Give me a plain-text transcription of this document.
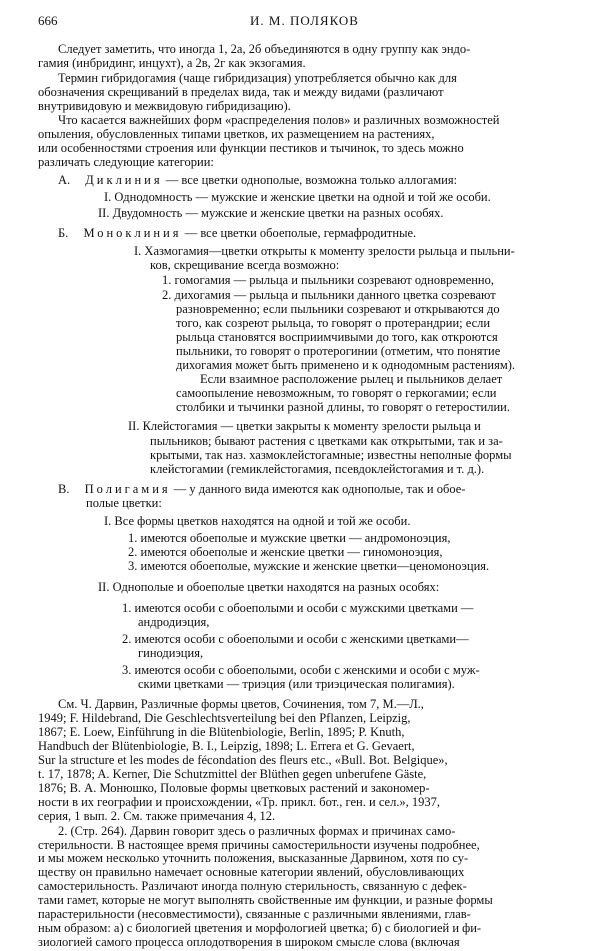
666	И. М. ПОЛЯКОВ
Следует заметить, что иногда 1, 2а, 2б объединяются в одну группу как эндо-
гамия (инбридинг, инцухт), а 2в, 2г как экзогамия.
Термин гибридогамия (чаще гибридизация) употребляется обычно как для
обозначения скрещиваний в пределах вида, так и между видами (различают
внутривидовую и межвидовую гибридизацию).
Что касается важнейших форм «распределения полов» и различных возможностей
опыления, обусловленных типами цветков, их размещением на растениях,
или особенностями строения или функции пестиков и тычинок, то здесь можно
различать следующие категории:
А. Диклиния — все цветки однополые, возможна только аллогамия:
I. Однодомность — мужские и женские цветки на одной и той же особи.
II. Двудомность — мужские и женские цветки на разных особях.
Б. Моноклиния — все цветки обоеполые, гермафродитные.
I. Хазмогамия—цветки открыты к моменту зрелости рыльца и пыльни-
ков, скрещивание всегда возможно:
1. гомогамия — рыльца и пыльники созревают одновременно,
2. дихогамия — рыльца и пыльники данного цветка созревают
разновременно; если пыльники созревают и открываются до
того, как созреют рыльца, то говорят о протерандрии; если
рыльца становятся восприимчивыми до того, как откроются
пыльники, то говорят о протерогинии (отметим, что понятие
дихогамия может быть применено и к однодомным растениям).
Если взаимное расположение рылец и пыльников делает
самоопыление невозможным, то говорят о геркогамии; если
столбики и тычинки разной длины, то говорят о гетеростилии.
II. Клейстогамия — цветки закрыты к моменту зрелости рыльца и
пыльников; бывают растения с цветками как открытыми, так и за-
крытыми, так наз. хазмоклейстогамные; известны неполные формы
клейстогамии (гемиклейстогамия, псевдоклейстогамия и т. д.).
В. Полигамия — у данного вида имеются как однополые, так и обое-
полые цветки:
I. Все формы цветков находятся на одной и той же особи.
1. имеются обоеполые и мужские цветки — андромоноэция,
2. имеются обоеполые и женские цветки — гиномоноэция,
3. имеются обоеполые, мужские и женские цветки—ценомоноэция.
II. Однополые и обоеполые цветки находятся на разных особях:
1. имеются особи с обоеполыми и особи с мужскими цветками —
андродиэция,
2. имеются особи с обоеполыми и особи с женскими цветками—
гинодиэция,
3. имеются особи с обоеполыми, особи с женскими и особи с муж-
скими цветками — триэция (или триэцическая полигамия).
См. Ч. Дарвин, Различные формы цветов, Сочинения, том 7, М.—Л.,
1949; F. Hildebrand, Die Geschlechtsverteilung bei den Pflanzen, Leipzig,
1867; E. Loew, Einführung in die Blütenbiologie, Berlin, 1895; P. Knuth,
Handbuch der Blütenbiologie, B. I., Leipzig, 1898; L. Errera et G. Gevaert,
Sur la structure et les modes de fécondation des fleurs etc., «Bull. Bot. Belgique»,
t. 17, 1878; A. Kerner, Die Schutzmittel der Blüthen gegen unberufene Gäste,
1876; В. А. Монюшко, Половые формы цветковых растений и закономер-
ности в их географии и происхождении, «Тр. прикл. бот., ген. и сел.», 1937,
серия, 1 вып. 2. См. также примечания 4, 12.
2. (Стр. 264). Дарвин говорит здесь о различных формах и причинах само-
стерильности. В настоящее время причины самостерильности изучены подробнее,
и мы можем несколько уточнить положения, высказанные Дарвином, хотя по су-
ществу он правильно намечает основные категории явлений, обусловливающих
самостерильность. Различают иногда полную стерильность, связанную с дефек-
тами гамет, которые не могут выполнять свойственные им функции, и разные формы
парастерильности (несовместимости), связанные с различными явлениями, глав-
ным образом: а) с биологией цветения и морфологией цветка; б) с биологией и фи-
зиологией самого процесса оплодотворения в широком смысле слова (включая
